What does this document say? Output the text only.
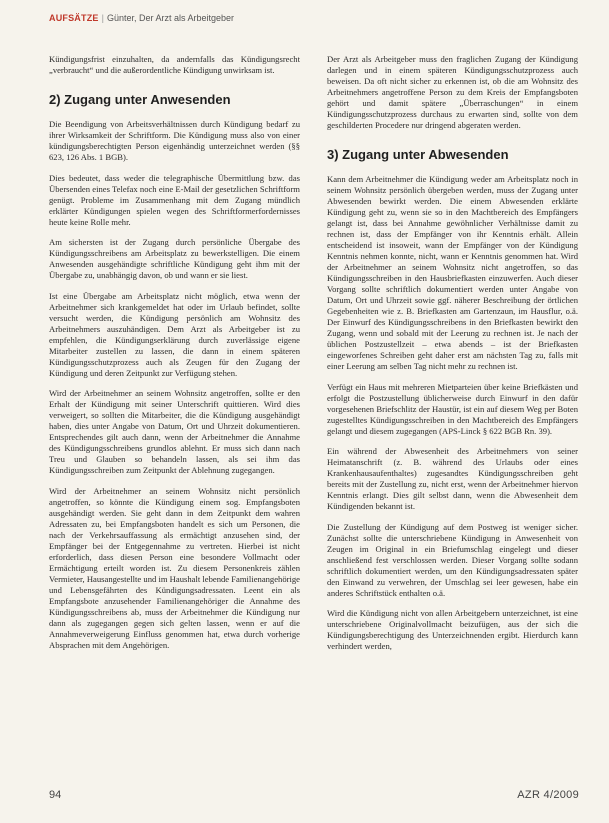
AUFSÄTZE | Günter, Der Arzt als Arbeitgeber

Kündigungsfrist einzuhalten, da andernfalls das Kündigungsrecht „verbraucht“ und die außerordentliche Kündigung unwirksam ist.

2) Zugang unter Anwesenden

Die Beendigung von Arbeitsverhältnissen durch Kündigung bedarf zu ihrer Wirksamkeit der Schriftform. Die Kündigung muss also von einer kündigungsberechtigten Person eigenhändig unterzeichnet werden (§§ 623, 126 Abs. 1 BGB).

Dies bedeutet, dass weder die telegraphische Übermittlung bzw. das Übersenden eines Telefax noch eine E-Mail der gesetzlichen Schriftform genügt. Probleme im Zusammenhang mit dem Zugang mündlich erklärter Kündigungen spielen wegen des Schriftformerfordernisses heute keine Rolle mehr.

Am sichersten ist der Zugang durch persönliche Übergabe des Kündigungsschreibens am Arbeitsplatz zu bewerkstelligen. Die einem Anwesenden ausgehändigte schriftliche Kündigung geht ihm mit der Übergabe zu, unabhängig davon, ob und wann er sie liest.

Ist eine Übergabe am Arbeitsplatz nicht möglich, etwa wenn der Arbeitnehmer sich krankgemeldet hat oder im Urlaub befindet, sollte versucht werden, die Kündigung persönlich am Wohnsitz des Arbeitnehmers auszuhändigen. Dem Arzt als Arbeitgeber ist zu empfehlen, die Kündigungserklärung durch zuverlässige eigene Mitarbeiter zustellen zu lassen, die dann in einem späteren Kündigungsschutzprozess auch als Zeugen für den Zugang der Kündigung und deren Zeitpunkt zur Verfügung stehen.

Wird der Arbeitnehmer an seinem Wohnsitz angetroffen, sollte er den Erhalt der Kündigung mit seiner Unterschrift quittieren. Wird dies verweigert, so sollten die Mitarbeiter, die die Kündigung ausgehändigt haben, dies unter Angabe von Datum, Ort und Uhrzeit dokumentieren. Entsprechendes gilt auch dann, wenn der Arbeitnehmer die Annahme des Kündigungsschreibens grundlos ablehnt. Er muss sich dann nach Treu und Glauben so behandeln lassen, als sei ihm das Kündigungsschreiben zum Zeitpunkt der Ablehnung zugegangen.

Wird der Arbeitnehmer an seinem Wohnsitz nicht persönlich angetroffen, so könnte die Kündigung einem sog. Empfangsboten ausgehändigt werden. Sie geht dann in dem Zeitpunkt dem wahren Adressaten zu, bei Empfangsboten handelt es sich um Personen, die nach der Verkehrsauffassung als ermächtigt anzusehen sind, der Empfänger bei der Entgegennahme zu vertreten. Hierbei ist nicht erforderlich, dass diesen Person eine besondere Vollmacht oder Ermächtigung erteilt worden ist. Zu diesem Personenkreis zählen Vermieter, Hausangestellte und im Haushalt lebende Familienangehörige und Lebensgefährten des Kündigungsadressaten. Leent ein als Empfangsbote anzusehender Familienangehöriger die Annahme des Kündigungsschreibens ab, muss der Arbeitnehmer die Kündigung nur dann als zugegangen gegen sich gelten lassen, wenn er auf die Annahmeverweigerung Einfluss genommen hat, etwa durch vorherige Absprachen mit dem Angehörigen.

Der Arzt als Arbeitgeber muss den fraglichen Zugang der Kündigung darlegen und in einem späteren Kündigungsschutzprozess auch beweisen. Da oft nicht sicher zu erkennen ist, ob die am Wohnsitz des Arbeitnehmers angetroffene Person zu dem Kreis der Empfangsboten gehört und damit spätere „Überraschungen“ in einem Kündigungsschutzprozess durchaus zu erwarten sind, sollte von dem geschilderten Procedere nur dringend abgeraten werden.

3) Zugang unter Abwesenden

Kann dem Arbeitnehmer die Kündigung weder am Arbeitsplatz noch in seinem Wohnsitz persönlich übergeben werden, muss der Zugang unter Abwesenden bewirkt werden. Die einem Abwesenden erklärte Kündigung geht zu, wenn sie so in den Machtbereich des Empfängers gelangt ist, dass bei Annahme gewöhnlicher Verhältnisse damit zu rechnen ist, dass der Empfänger von ihr Kenntnis erhält. Allein entscheidend ist insoweit, wann der Empfänger von der Kündigung Kenntnis nehmen konnte, nicht, wann er Kenntnis genommen hat. Wird der Arbeitnehmer an seinem Wohnsitz nicht angetroffen, so das Kündigungsschreiben in den Hausbriefkasten einzuwerfen. Auch dieser Vorgang sollte schriftlich dokumentiert werden unter Angabe von Datum, Ort und Uhrzeit sowie ggf. näherer Beschreibung der örtlichen Gegebenheiten wie z. B. Briefkasten am Gartenzaun, im Hausflur, o.ä. Der Einwurf des Kündigungsschreibens in den Briefkasten bewirkt den Zugang, wenn und sobald mit der Leerung zu rechnen ist. Je nach der üblichen Postzustellzeit – etwa abends – ist der Briefkasten eingeworfenes Schreiben geht daher erst am nächsten Tag zu, falls mit einer Leerung am selben Tag nicht mehr zu rechnen ist.

Verfügt ein Haus mit mehreren Mietparteien über keine Briefkästen und erfolgt die Postzustellung üblicherweise durch Einwurf in den dafür vorgesehenen Briefschlitz der Haustür, ist ein auf diesem Weg per Boten zugestelltes Kündigungsschreiben in den Machtbereich des Empfängers gelangt und diesem zugegangen (APS-Linck § 622 BGB Rn. 39).

Ein während der Abwesenheit des Arbeitnehmers von seiner Heimatanschrift (z. B. während des Urlaubs oder eines Krankenhausaufenthaltes) zugesandtes Kündigungsschreiben geht bereits mit der Zustellung zu, nicht erst, wenn der Arbeitnehmer hiervon Kenntnis erlangt. Dies gilt selbst dann, wenn die Abwesenheit dem Kündigenden bekannt ist.

Die Zustellung der Kündigung auf dem Postweg ist weniger sicher. Zunächst sollte die unterschriebene Kündigung in Anwesenheit von Zeugen im Original in ein Briefumschlag eingelegt und dieser anschließend fest verschlossen werden. Dieser Vorgang sollte sodann schriftlich dokumentiert werden, um den Kündigungsadressaten später den Einwand zu verwehren, der Umschlag sei leer gewesen, habe ein anderes Schriftstück enthalten o.ä.

Wird die Kündigung nicht von allen Arbeitgebern unterzeichnet, ist eine unterschriebene Originalvollmacht beizufügen, aus der sich die Kündigungsberechtigung des Unterzeichnenden ergibt. Hierdurch kann verhindert werden,

94	AZR 4/2009
